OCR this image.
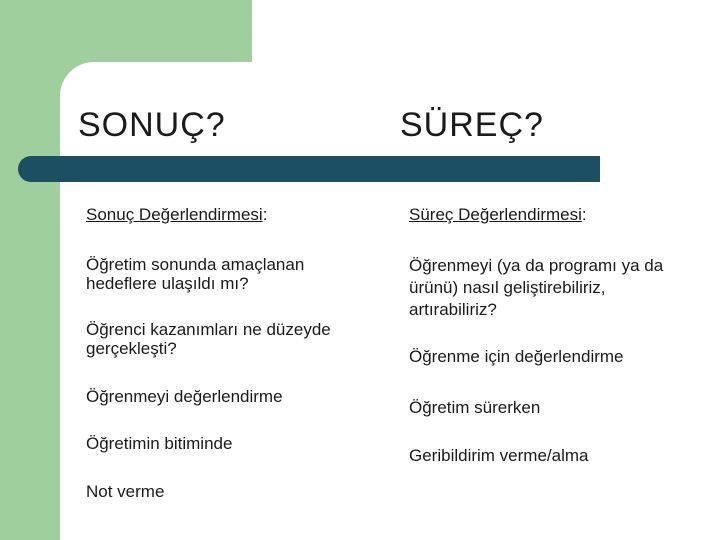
SONUÇ?	SÜREÇ?

Sonuç Değerlendirmesi:

Öğretim sonunda amaçlanan hedeflere ulaşıldı mı?

Öğrenci kazanımları ne düzeyde gerçekleşti?

Öğrenmeyi değerlendirme

Öğretimin bitiminde

Not verme

Süreç Değerlendirmesi:

Öğrenmeyi (ya da programı ya da ürünü) nasıl geliştirebiliriz, artırabiliriz?

Öğrenme için değerlendirme

Öğretim sürerken

Geribildirim verme/alma
